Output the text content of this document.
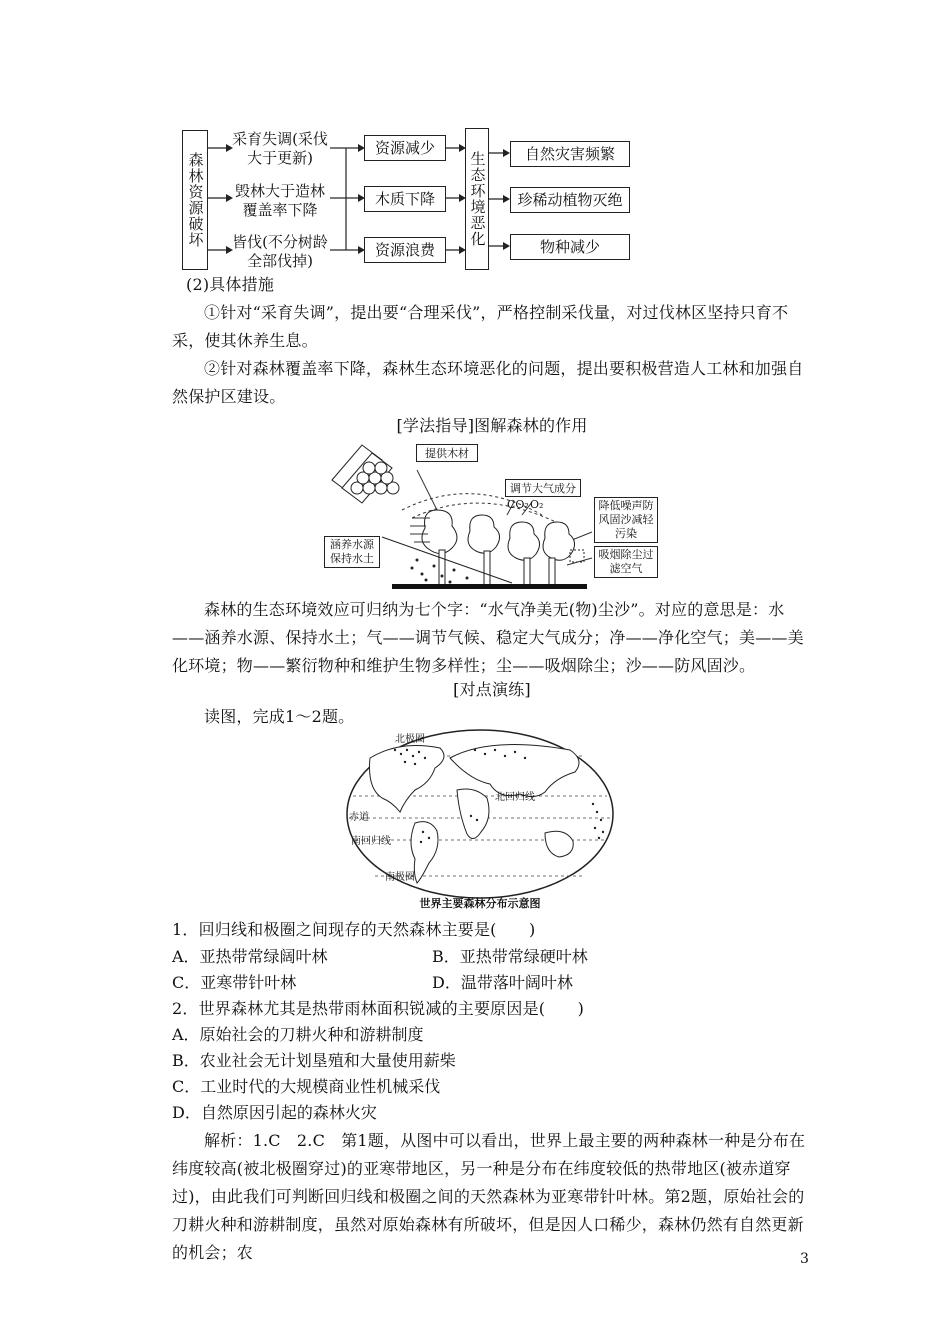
森林资源破坏
采育失调(采伐大于更新)
毁林大于造林覆盖率下降
皆伐(不分树龄全部伐掉)
资源减少
木质下降
资源浪费
生态环境恶化	自然灾害频繁
珍稀动植物灭绝
物种减少
(2)具体措施
①针对“采育失调”，提出要“合理采伐”，严格控制采伐量，对过伐林区坚持只育不采，使其休养生息。
②针对森林覆盖率下降，森林生态环境恶化的问题，提出要积极营造人工林和加强自然保护区建设。
[学法指导]图解森林的作用
提供木材
调节大气成分
CO₂ O₂	降低噪声防风固沙减轻污染
涵养水源保持水土	吸烟除尘过滤空气
森林的生态环境效应可归纳为七个字：“水气净美无(物)尘沙”。对应的意思是：水——涵养水源、保持水土；气——调节气候、稳定大气成分；净——净化空气；美——美化环境；物——繁衍物种和维护生物多样性；尘——吸烟除尘；沙——防风固沙。
[对点演练]
读图，完成1～2题。
北极圈
北回归线
赤道
南回归线
南极圈
世界主要森林分布示意图
1．回归线和极圈之间现存的天然森林主要是(　　)
A．亚热带常绿阔叶林	B．亚热带常绿硬叶林
C．亚寒带针叶林	D．温带落叶阔叶林
2．世界森林尤其是热带雨林面积锐减的主要原因是(　　)
A．原始社会的刀耕火种和游耕制度
B．农业社会无计划垦殖和大量使用薪柴
C．工业时代的大规模商业性机械采伐
D．自然原因引起的森林火灾
解析：1.C　2.C　第1题，从图中可以看出，世界上最主要的两种森林一种是分布在纬度较高(被北极圈穿过)的亚寒带地区，另一种是分布在纬度较低的热带地区(被赤道穿过)，由此我们可判断回归线和极圈之间的天然森林为亚寒带针叶林。第2题，原始社会的刀耕火种和游耕制度，虽然对原始森林有所破坏，但是因人口稀少，森林仍然有自然更新的机会；农	3
